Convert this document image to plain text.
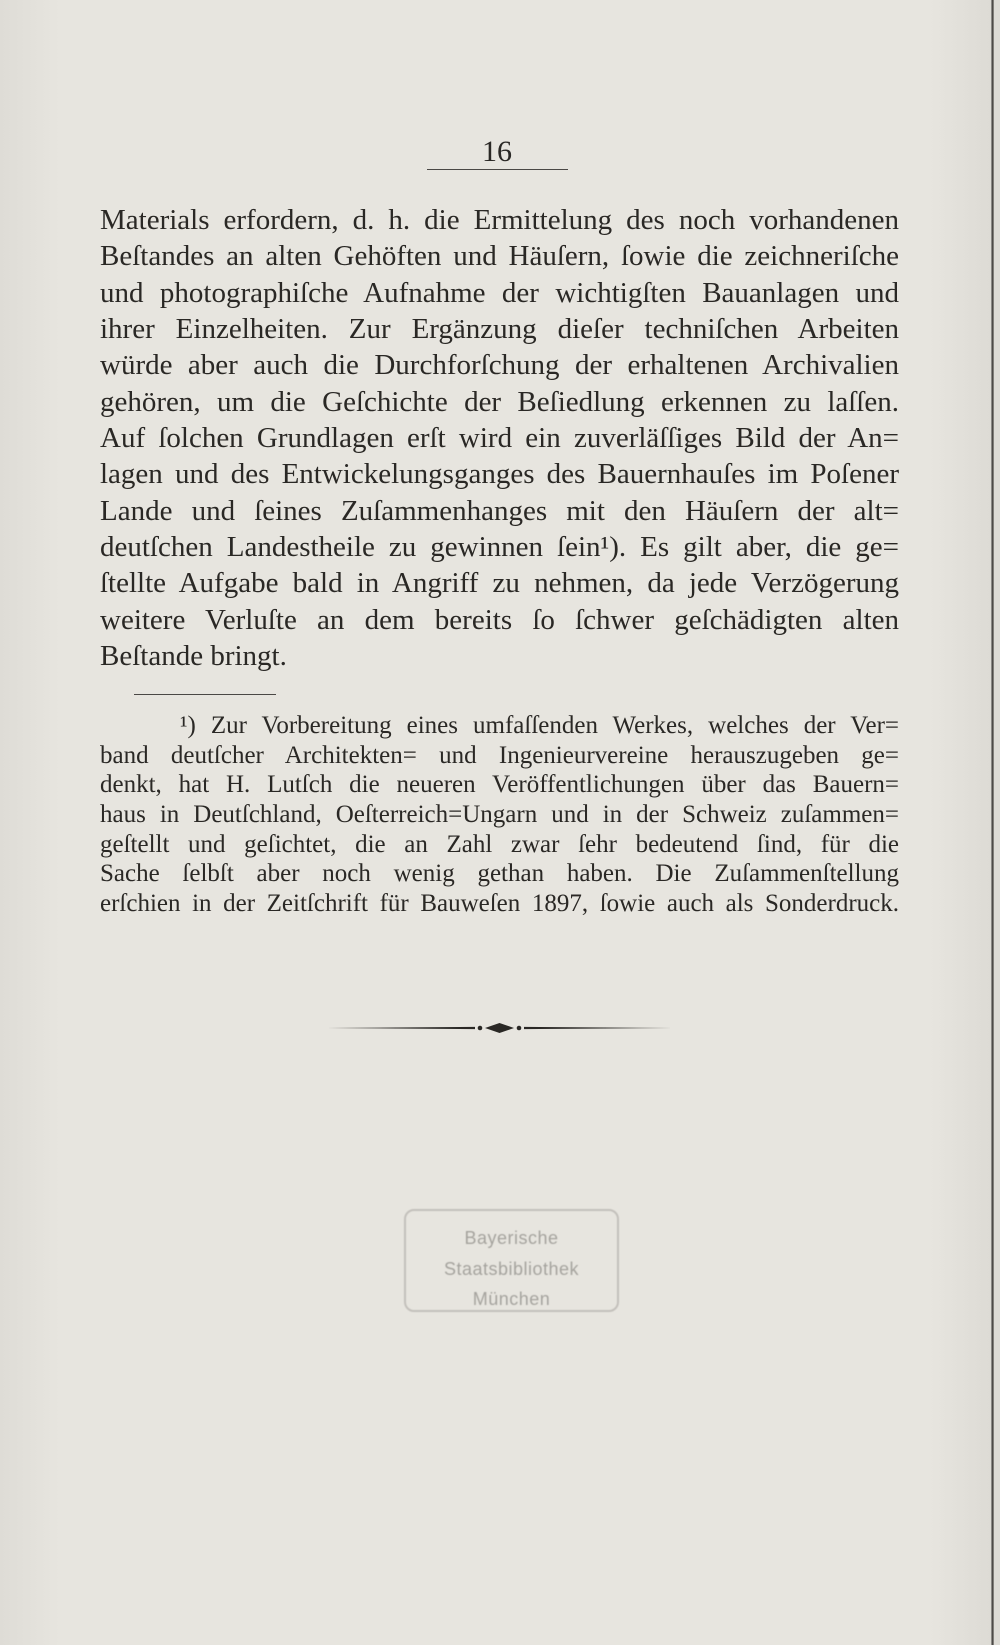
16
Materials erfordern, d. h. die Ermittelung des noch vorhandenen
Beſtandes an alten Gehöften und Häuſern, ſowie die zeichneriſche
und photographiſche Aufnahme der wichtigſten Bauanlagen und
ihrer Einzelheiten. Zur Ergänzung dieſer techniſchen Arbeiten
würde aber auch die Durchforſchung der erhaltenen Archivalien
gehören, um die Geſchichte der Beſiedlung erkennen zu laſſen.
Auf ſolchen Grundlagen erſt wird ein zuverläſſiges Bild der An=
lagen und des Entwickelungsganges des Bauernhauſes im Poſener
Lande und ſeines Zuſammenhanges mit den Häuſern der alt=
deutſchen Landestheile zu gewinnen ſein¹). Es gilt aber, die ge=
ſtellte Aufgabe bald in Angriff zu nehmen, da jede Verzögerung
weitere Verluſte an dem bereits ſo ſchwer geſchädigten alten
Beſtande bringt.
¹) Zur Vorbereitung eines umfaſſenden Werkes, welches der Ver=
band deutſcher Architekten= und Ingenieurvereine herauszugeben ge=
denkt, hat H. Lutſch die neueren Veröffentlichungen über das Bauern=
haus in Deutſchland, Oeſterreich=Ungarn und in der Schweiz zuſammen=
geſtellt und geſichtet, die an Zahl zwar ſehr bedeutend ſind, für die
Sache ſelbſt aber noch wenig gethan haben. Die Zuſammenſtellung
erſchien in der Zeitſchrift für Bauweſen 1897, ſowie auch als Sonderdruck.
Bayerische
Staatsbibliothek
München
